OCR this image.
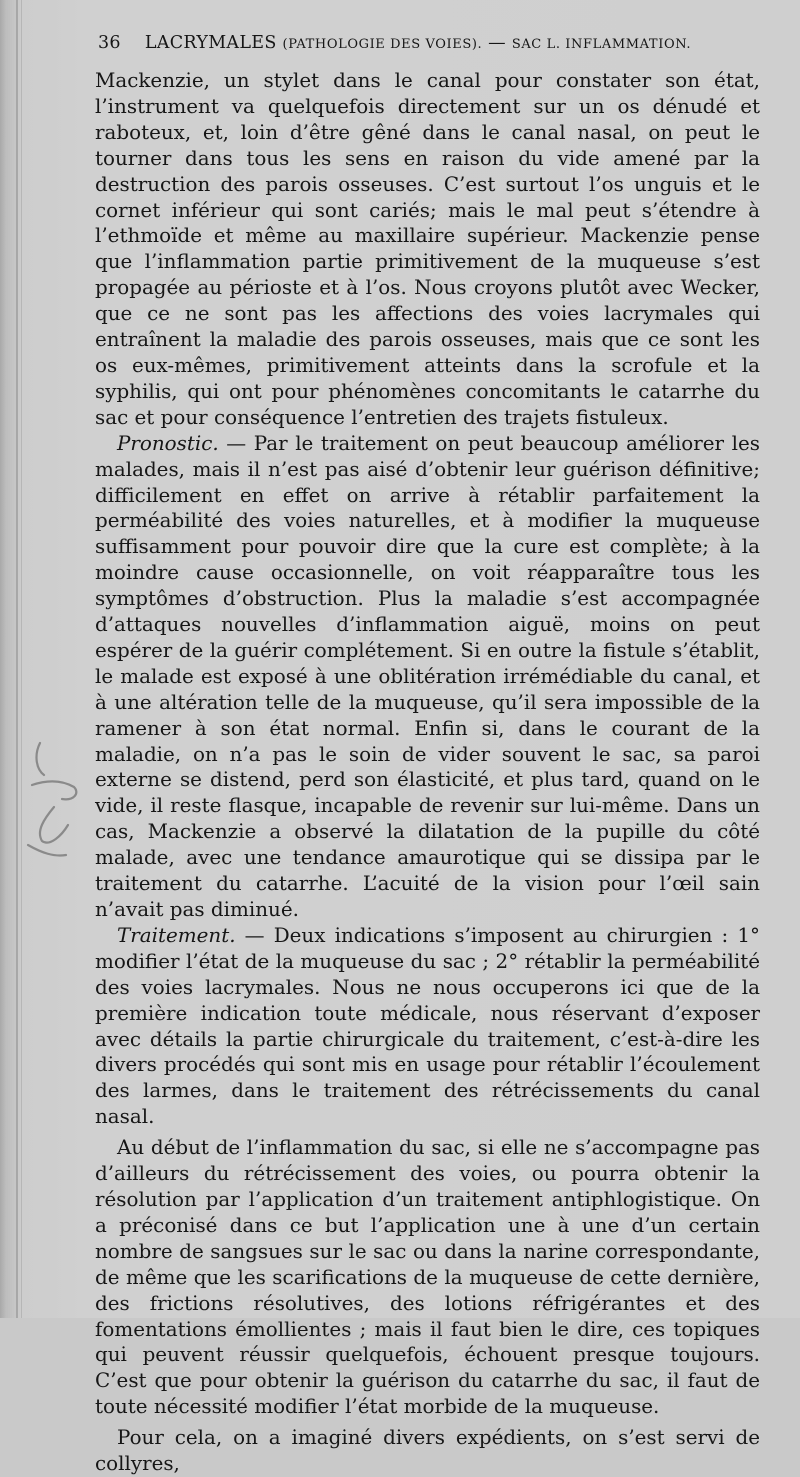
36 LACRYMALES
(PATHOLOGIE DES VOIES).
—
SAC L. INFLAMMATION.

Mackenzie, un stylet dans le canal pour constater son état, l’instrument va quelquefois directement sur un os dénudé et raboteux, et, loin d’être gêné dans le canal nasal, on peut le tourner dans tous les sens en raison du vide amené par la destruction des parois osseuses. C’est surtout l’os unguis et le cornet inférieur qui sont cariés; mais le mal peut s’étendre à l’ethmoïde et même au maxillaire supérieur. Mackenzie pense que l’inflammation partie primitivement de la muqueuse s’est propagée au périoste et à l’os. Nous croyons plutôt avec Wecker, que ce ne sont pas les affections des voies lacrymales qui entraînent la maladie des parois osseuses, mais que ce sont les os eux-mêmes, primitivement atteints dans la scrofule et la syphilis, qui ont pour phénomènes concomitants le catarrhe du sac et pour conséquence l’entretien des trajets fistuleux.

Pronostic. — Par le traitement on peut beaucoup améliorer les malades, mais il n’est pas aisé d’obtenir leur guérison définitive; difficilement en effet on arrive à rétablir parfaitement la perméabilité des voies naturelles, et à modifier la muqueuse suffisamment pour pouvoir dire que la cure est complète; à la moindre cause occasionnelle, on voit réapparaître tous les symptômes d’obstruction. Plus la maladie s’est accompagnée d’attaques nouvelles d’inflammation aiguë, moins on peut espérer de la guérir complétement. Si en outre la fistule s’établit, le malade est exposé à une oblitération irrémédiable du canal, et à une altération telle de la muqueuse, qu’il sera impossible de la ramener à son état normal. Enfin si, dans le courant de la maladie, on n’a pas le soin de vider souvent le sac, sa paroi externe se distend, perd son élasticité, et plus tard, quand on le vide, il reste flasque, incapable de revenir sur lui-même. Dans un cas, Mackenzie a observé la dilatation de la pupille du côté malade, avec une tendance amaurotique qui se dissipa par le traitement du catarrhe. L’acuité de la vision pour l’œil sain n’avait pas diminué.

Traitement. — Deux indications s’imposent au chirurgien : 1° modifier l’état de la muqueuse du sac ; 2° rétablir la perméabilité des voies lacrymales. Nous ne nous occuperons ici que de la première indication toute médicale, nous réservant d’exposer avec détails la partie chirurgicale du traitement, c’est-à-dire les divers procédés qui sont mis en usage pour rétablir l’écoulement des larmes, dans le traitement des rétrécissements du canal nasal.

Au début de l’inflammation du sac, si elle ne s’accompagne pas d’ailleurs du rétrécissement des voies, ou pourra obtenir la résolution par l’application d’un traitement antiphlogistique. On a préconisé dans ce but l’application une à une d’un certain nombre de sangsues sur le sac ou dans la narine correspondante, de même que les scarifications de la muqueuse de cette dernière, des frictions résolutives, des lotions réfrigérantes et des fomentations émollientes ; mais il faut bien le dire, ces topiques qui peuvent réussir quelquefois, échouent presque toujours. C’est que pour obtenir la guérison du catarrhe du sac, il faut de toute nécessité modifier l’état morbide de la muqueuse.

Pour cela, on a imaginé divers expédients, on s’est servi de collyres,
